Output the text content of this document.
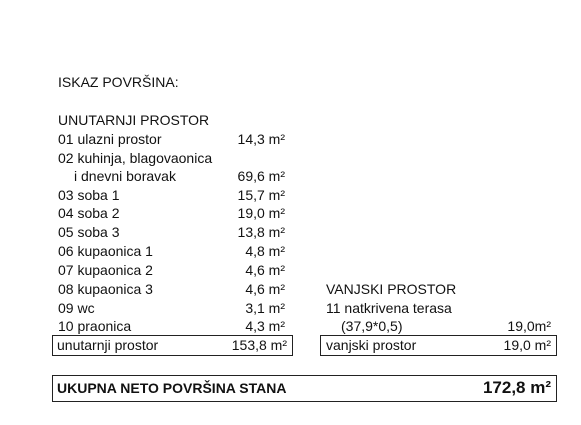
ISKAZ POVRŠINA:
UNUTARNJI PROSTOR
01 ulazni prostor	14,3 m²
02 kuhinja, blagovaonica
i dnevni boravak	69,6 m²
03 soba 1	15,7 m²
04 soba 2	19,0 m²
05 soba 3	13,8 m²
06 kupaonica 1	4,8 m²
07 kupaonica 2	4,6 m²
08 kupaonica 3	4,6 m²
09 wc	3,1 m²
10 praonica	4,3 m²
unutarnji prostor	153,8 m²
VANJSKI PROSTOR
11 natkrivena terasa
(37,9*0,5)	19,0m²
vanjski prostor	19,0 m²
UKUPNA NETO POVRŠINA STANA	172,8 m²
